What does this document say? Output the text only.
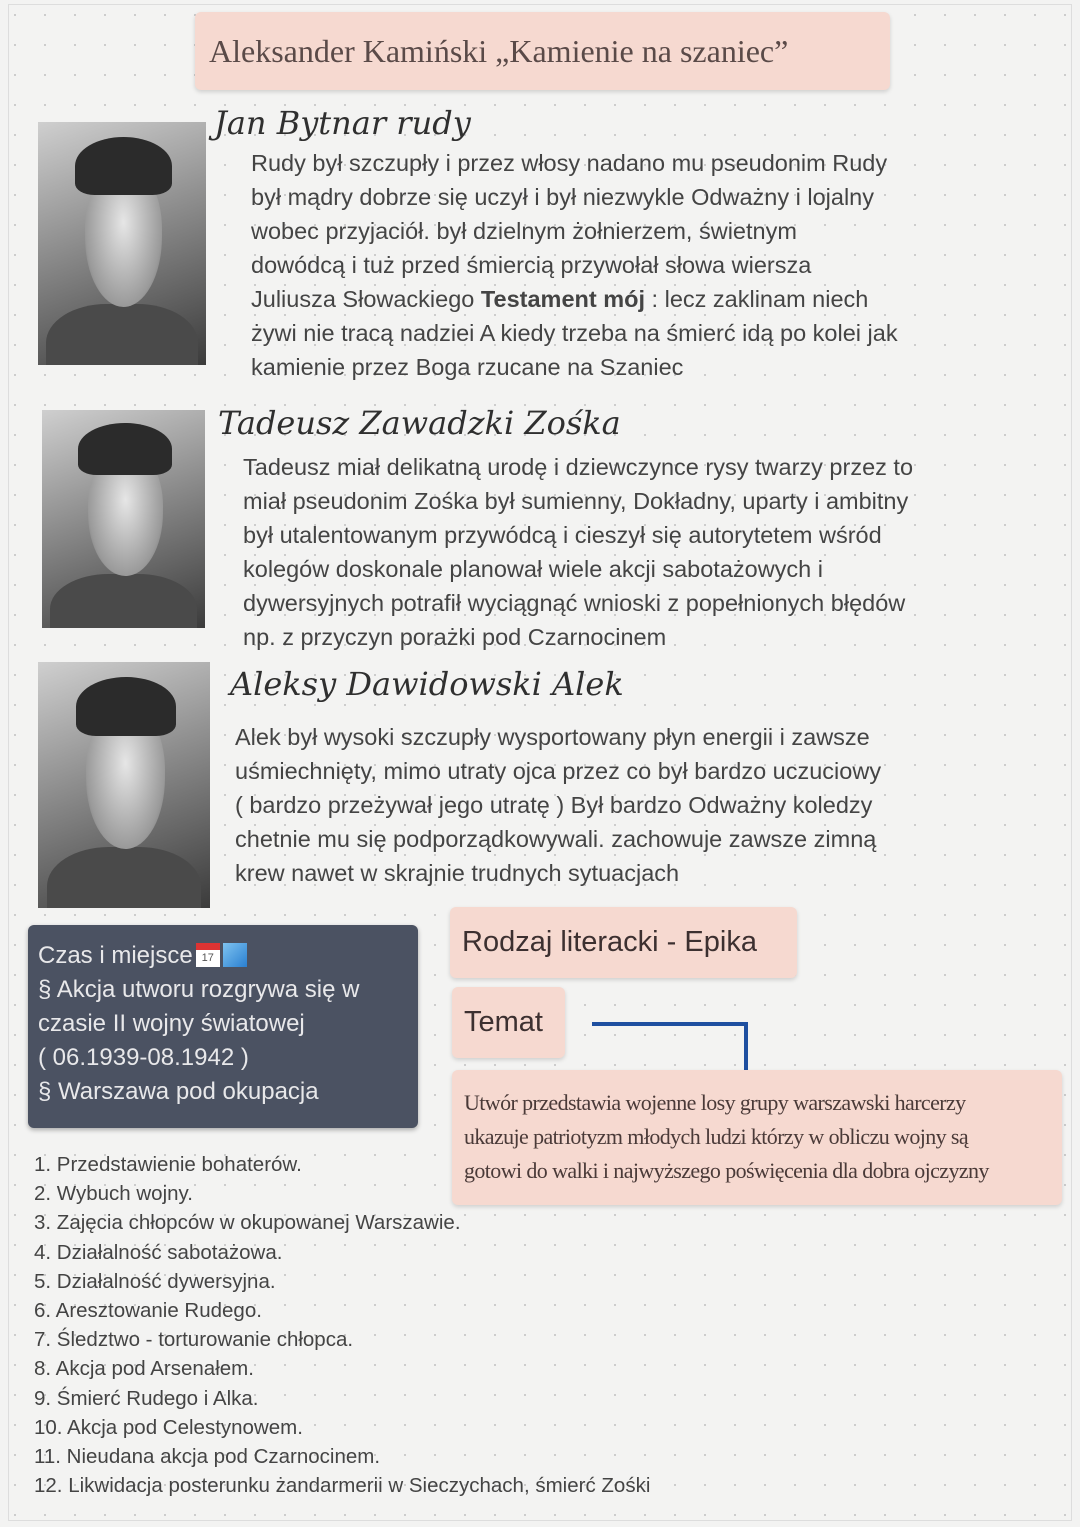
Aleksander Kamiński „Kamienie na szaniec”
Jan Bytnar rudy
Rudy był szczupły i przez włosy nadano mu pseudonim Rudy
był mądry dobrze się uczył i był niezwykle Odważny i lojalny
wobec przyjaciół. był dzielnym żołnierzem, świetnym
dowódcą i tuż przed śmiercią przywołał słowa wiersza
Juliusza Słowackiego Testament mój : lecz zaklinam niech
żywi nie tracą nadziei A kiedy trzeba na śmierć idą po kolei jak
kamienie przez Boga rzucane na Szaniec
Tadeusz Zawadzki Zośka
Tadeusz miał delikatną urodę i dziewczynce rysy twarzy przez to
miał pseudonim Zośka był sumienny, Dokładny, uparty i ambitny
był utalentowanym przywódcą i cieszył się autorytetem wśród
kolegów doskonale planował wiele akcji sabotażowych i
dywersyjnych potrafił wyciągnąć wnioski z popełnionych błędów
np. z przyczyn porażki pod Czarnocinem
Aleksy Dawidowski Alek
Alek był wysoki szczupły wysportowany płyn energii i zawsze
uśmiechnięty, mimo utraty ojca przez co był bardzo uczuciowy
( bardzo przeżywał jego utratę ) Był bardzo Odważny koledzy
chetnie mu się podporządkowywali. zachowuje zawsze zimną
krew nawet w skrajnie trudnych sytuacjach
Czas i miejsce 17
§ Akcja utworu rozgrywa się w
czasie II wojny światowej
( 06.1939-08.1942 )
§ Warszawa pod okupacja
Rodzaj literacki - Epika
Temat
Utwór przedstawia wojenne losy grupy warszawski harcerzy
ukazuje patriotyzm młodych ludzi którzy w obliczu wojny są
gotowi do walki i najwyższego poświęcenia dla dobra ojczyzny
1. Przedstawienie bohaterów.
2. Wybuch wojny.
3. Zajęcia chłopców w okupowanej Warszawie.
4. Działalność sabotażowa.
5. Działalność dywersyjna.
6. Aresztowanie Rudego.
7. Śledztwo - torturowanie chłopca.
8. Akcja pod Arsenałem.
9. Śmierć Rudego i Alka.
10. Akcja pod Celestynowem.
11. Nieudana akcja pod Czarnocinem.
12. Likwidacja posterunku żandarmerii w Sieczychach, śmierć Zośki
